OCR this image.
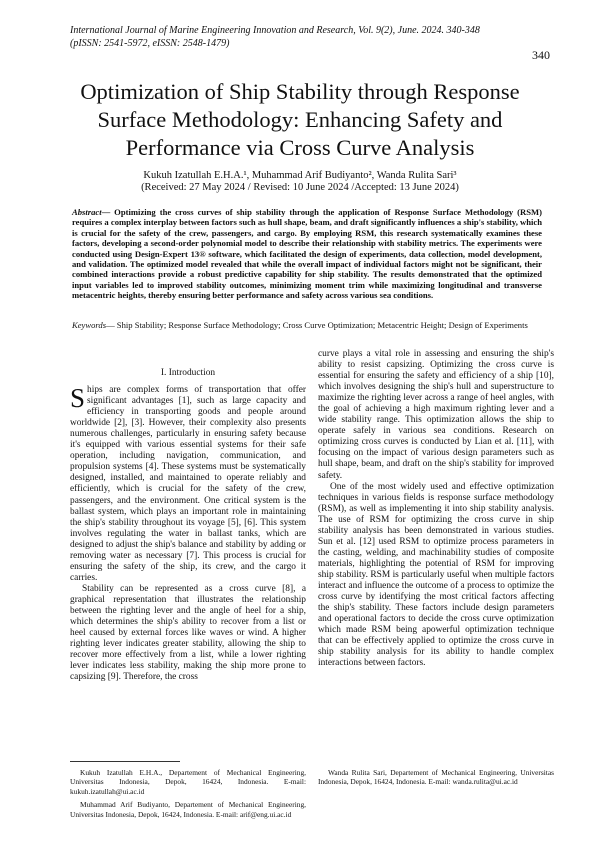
International Journal of Marine Engineering Innovation and Research, Vol. 9(2), June. 2024. 340-348
(pISSN: 2541-5972, eISSN: 2548-1479)
340
Optimization of Ship Stability through Response
Surface Methodology: Enhancing Safety and
Performance via Cross Curve Analysis
Kukuh Izatullah E.H.A.¹, Muhammad Arif Budiyanto², Wanda Rulita Sari³
(Received: 27 May 2024 / Revised: 10 June 2024 /Accepted: 13 June 2024)
Abstract— Optimizing the cross curves of ship stability through the application of Response Surface Methodology (RSM) requires a complex interplay between factors such as hull shape, beam, and draft significantly influences a ship's stability, which is crucial for the safety of the crew, passengers, and cargo. By employing RSM, this research systematically examines these factors, developing a second-order polynomial model to describe their relationship with stability metrics. The experiments were conducted using Design-Expert 13® software, which facilitated the design of experiments, data collection, model development, and validation. The optimized model revealed that while the overall impact of individual factors might not be significant, their combined interactions provide a robust predictive capability for ship stability. The results demonstrated that the optimized input variables led to improved stability outcomes, minimizing moment trim while maximizing longitudinal and transverse metacentric heights, thereby ensuring better performance and safety across various sea conditions.
Keywords— Ship Stability; Response Surface Methodology; Cross Curve Optimization; Metacentric Height; Design of Experiments
I. Introduction

Ships are complex forms of transportation that offer significant advantages [1], such as large capacity and efficiency in transporting goods and people around worldwide [2], [3]. However, their complexity also presents numerous challenges, particularly in ensuring safety because it's equipped with various essential systems for their safe operation, including navigation, communication, and propulsion systems [4]. These systems must be systematically designed, installed, and maintained to operate reliably and efficiently, which is crucial for the safety of the crew, passengers, and the environment. One critical system is the ballast system, which plays an important role in maintaining the ship's stability throughout its voyage [5], [6]. This system involves regulating the water in ballast tanks, which are designed to adjust the ship's balance and stability by adding or removing water as necessary [7]. This process is crucial for ensuring the safety of the ship, its crew, and the cargo it carries.

Stability can be represented as a cross curve [8], a graphical representation that illustrates the relationship between the righting lever and the angle of heel for a ship, which determines the ship's ability to recover from a list or heel caused by external forces like waves or wind. A higher righting lever indicates greater stability, allowing the ship to recover more effectively from a list, while a lower righting lever indicates less stability, making the ship more prone to capsizing [9]. Therefore, the cross

curve plays a vital role in assessing and ensuring the ship's ability to resist capsizing. Optimizing the cross curve is essential for ensuring the safety and efficiency of a ship [10], which involves designing the ship's hull and superstructure to maximize the righting lever across a range of heel angles, with the goal of achieving a high maximum righting lever and a wide stability range. This optimization allows the ship to operate safely in various sea conditions. Research on optimizing cross curves is conducted by Lian et al. [11], with focusing on the impact of various design parameters such as hull shape, beam, and draft on the ship's stability for improved safety.

One of the most widely used and effective optimization techniques in various fields is response surface methodology (RSM), as well as implementing it into ship stability analysis. The use of RSM for optimizing the cross curve in ship stability analysis has been demonstrated in various studies. Sun et al. [12] used RSM to optimize process parameters in the casting, welding, and machinability studies of composite materials, highlighting the potential of RSM for improving ship stability. RSM is particularly useful when multiple factors interact and influence the outcome of a process to optimize the cross curve by identifying the most critical factors affecting the ship's stability. These factors include design parameters and operational factors to decide the cross curve optimization which made RSM being apowerful optimization technique that can be effectively applied to optimize the cross curve in ship stability analysis for its ability to handle complex interactions between factors.

Kukuh Izatullah E.H.A., Departement of Mechanical Engineering, Universitas Indonesia, Depok, 16424, Indonesia. E-mail: kukuh.izatullah@ui.ac.id

Muhammad Arif Budiyanto, Departement of Mechanical Engineering, Universitas Indonesia, Depok, 16424, Indonesia. E-mail: arif@eng.ui.ac.id

Wanda Rulita Sari, Departement of Mechanical Engineering, Universitas Indonesia, Depok, 16424, Indonesia. E-mail: wanda.rulita@ui.ac.id
